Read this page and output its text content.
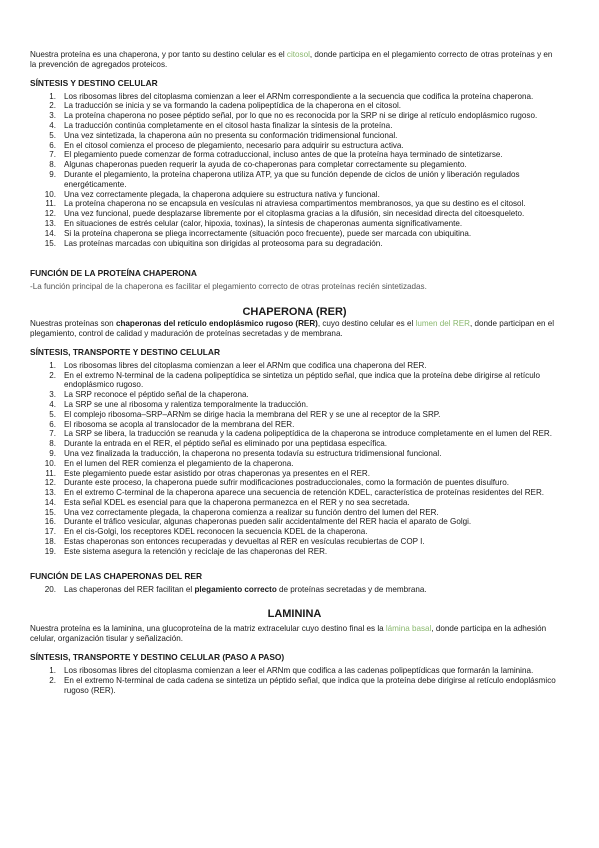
Nuestra proteína es una chaperona, y por tanto su destino celular es el citosol, donde participa en el plegamiento correcto de otras proteínas y en la prevención de agregados proteicos.

SÍNTESIS Y DESTINO CELULAR
1. Los ribosomas libres del citoplasma comienzan a leer el ARNm correspondiente a la secuencia que codifica la proteína chaperona.
2. La traducción se inicia y se va formando la cadena polipeptídica de la chaperona en el citosol.
3. La proteína chaperona no posee péptido señal, por lo que no es reconocida por la SRP ni se dirige al retículo endoplásmico rugoso.
4. La traducción continúa completamente en el citosol hasta finalizar la síntesis de la proteína.
5. Una vez sintetizada, la chaperona aún no presenta su conformación tridimensional funcional.
6. En el citosol comienza el proceso de plegamiento, necesario para adquirir su estructura activa.
7. El plegamiento puede comenzar de forma cotraduccional, incluso antes de que la proteína haya terminado de sintetizarse.
8. Algunas chaperonas pueden requerir la ayuda de co-chaperonas para completar correctamente su plegamiento.
9. Durante el plegamiento, la proteína chaperona utiliza ATP, ya que su función depende de ciclos de unión y liberación regulados energéticamente.
10. Una vez correctamente plegada, la chaperona adquiere su estructura nativa y funcional.
11. La proteína chaperona no se encapsula en vesículas ni atraviesa compartimentos membranosos, ya que su destino es el citosol.
12. Una vez funcional, puede desplazarse libremente por el citoplasma gracias a la difusión, sin necesidad directa del citoesqueleto.
13. En situaciones de estrés celular (calor, hipoxia, toxinas), la síntesis de chaperonas aumenta significativamente.
14. Si la proteína chaperona se pliega incorrectamente (situación poco frecuente), puede ser marcada con ubiquitina.
15. Las proteínas marcadas con ubiquitina son dirigidas al proteosoma para su degradación.
FUNCIÓN DE LA PROTEÍNA CHAPERONA

-La función principal de la chaperona es facilitar el plegamiento correcto de otras proteínas recién sintetizadas.

CHAPERONA (RER)

Nuestras proteínas son chaperonas del retículo endoplásmico rugoso (RER), cuyo destino celular es el lumen del RER, donde participan en el plegamiento, control de calidad y maduración de proteínas secretadas y de membrana.

SÍNTESIS, TRANSPORTE Y DESTINO CELULAR
1. Los ribosomas libres del citoplasma comienzan a leer el ARNm que codifica una chaperona del RER.
2. En el extremo N-terminal de la cadena polipeptídica se sintetiza un péptido señal, que indica que la proteína debe dirigirse al retículo endoplásmico rugoso.
3. La SRP reconoce el péptido señal de la chaperona.
4. La SRP se une al ribosoma y ralentiza temporalmente la traducción.
5. El complejo ribosoma–SRP–ARNm se dirige hacia la membrana del RER y se une al receptor de la SRP.
6. El ribosoma se acopla al translocador de la membrana del RER.
7. La SRP se libera, la traducción se reanuda y la cadena polipeptídica de la chaperona se introduce completamente en el lumen del RER.
8. Durante la entrada en el RER, el péptido señal es eliminado por una peptidasa específica.
9. Una vez finalizada la traducción, la chaperona no presenta todavía su estructura tridimensional funcional.
10. En el lumen del RER comienza el plegamiento de la chaperona.
11. Este plegamiento puede estar asistido por otras chaperonas ya presentes en el RER.
12. Durante este proceso, la chaperona puede sufrir modificaciones postraduccionales, como la formación de puentes disulfuro.
13. En el extremo C-terminal de la chaperona aparece una secuencia de retención KDEL, característica de proteínas residentes del RER.
14. Esta señal KDEL es esencial para que la chaperona permanezca en el RER y no sea secretada.
15. Una vez correctamente plegada, la chaperona comienza a realizar su función dentro del lumen del RER.
16. Durante el tráfico vesicular, algunas chaperonas pueden salir accidentalmente del RER hacia el aparato de Golgi.
17. En el cis-Golgi, los receptores KDEL reconocen la secuencia KDEL de la chaperona.
18. Estas chaperonas son entonces recuperadas y devueltas al RER en vesículas recubiertas de COP I.
19. Este sistema asegura la retención y reciclaje de las chaperonas del RER.
FUNCIÓN DE LAS CHAPERONAS DEL RER
20. Las chaperonas del RER facilitan el plegamiento correcto de proteínas secretadas y de membrana.
LAMININA

Nuestra proteína es la laminina, una glucoproteína de la matriz extracelular cuyo destino final es la lámina basal, donde participa en la adhesión celular, organización tisular y señalización.

SÍNTESIS, TRANSPORTE Y DESTINO CELULAR (PASO A PASO)
1. Los ribosomas libres del citoplasma comienzan a leer el ARNm que codifica a las cadenas polipeptídicas que formarán la laminina.
2. En el extremo N-terminal de cada cadena se sintetiza un péptido señal, que indica que la proteína debe dirigirse al retículo endoplásmico rugoso (RER).
